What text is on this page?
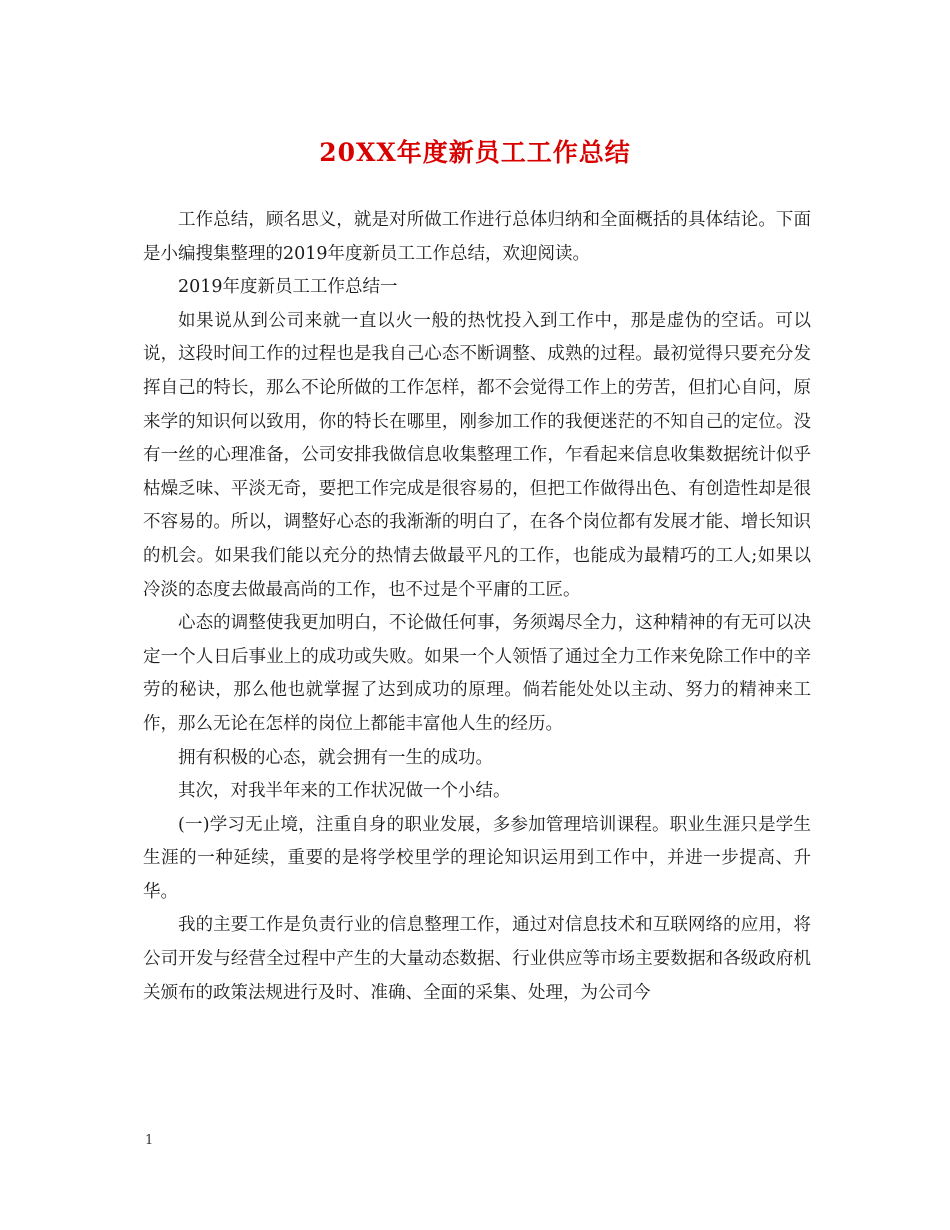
20XX年度新员工工作总结

工作总结，顾名思义，就是对所做工作进行总体归纳和全面概括的具体结论。下面是小编搜集整理的2019年度新员工工作总结，欢迎阅读。

2019年度新员工工作总结一

如果说从到公司来就一直以火一般的热忱投入到工作中，那是虚伪的空话。可以说，这段时间工作的过程也是我自己心态不断调整、成熟的过程。最初觉得只要充分发挥自己的特长，那么不论所做的工作怎样，都不会觉得工作上的劳苦，但扪心自问，原来学的知识何以致用，你的特长在哪里，刚参加工作的我便迷茫的不知自己的定位。没有一丝的心理准备，公司安排我做信息收集整理工作，乍看起来信息收集数据统计似乎枯燥乏味、平淡无奇，要把工作完成是很容易的，但把工作做得出色、有创造性却是很不容易的。所以，调整好心态的我渐渐的明白了，在各个岗位都有发展才能、增长知识的机会。如果我们能以充分的热情去做最平凡的工作，也能成为最精巧的工人;如果以冷淡的态度去做最高尚的工作，也不过是个平庸的工匠。

心态的调整使我更加明白，不论做任何事，务须竭尽全力，这种精神的有无可以决定一个人日后事业上的成功或失败。如果一个人领悟了通过全力工作来免除工作中的辛劳的秘诀，那么他也就掌握了达到成功的原理。倘若能处处以主动、努力的精神来工作，那么无论在怎样的岗位上都能丰富他人生的经历。

拥有积极的心态，就会拥有一生的成功。

其次，对我半年来的工作状况做一个小结。

(一)学习无止境，注重自身的职业发展，多参加管理培训课程。职业生涯只是学生生涯的一种延续，重要的是将学校里学的理论知识运用到工作中，并进一步提高、升华。

我的主要工作是负责行业的信息整理工作，通过对信息技术和互联网络的应用，将公司开发与经营全过程中产生的大量动态数据、行业供应等市场主要数据和各级政府机关颁布的政策法规进行及时、准确、全面的采集、处理，为公司今

1
